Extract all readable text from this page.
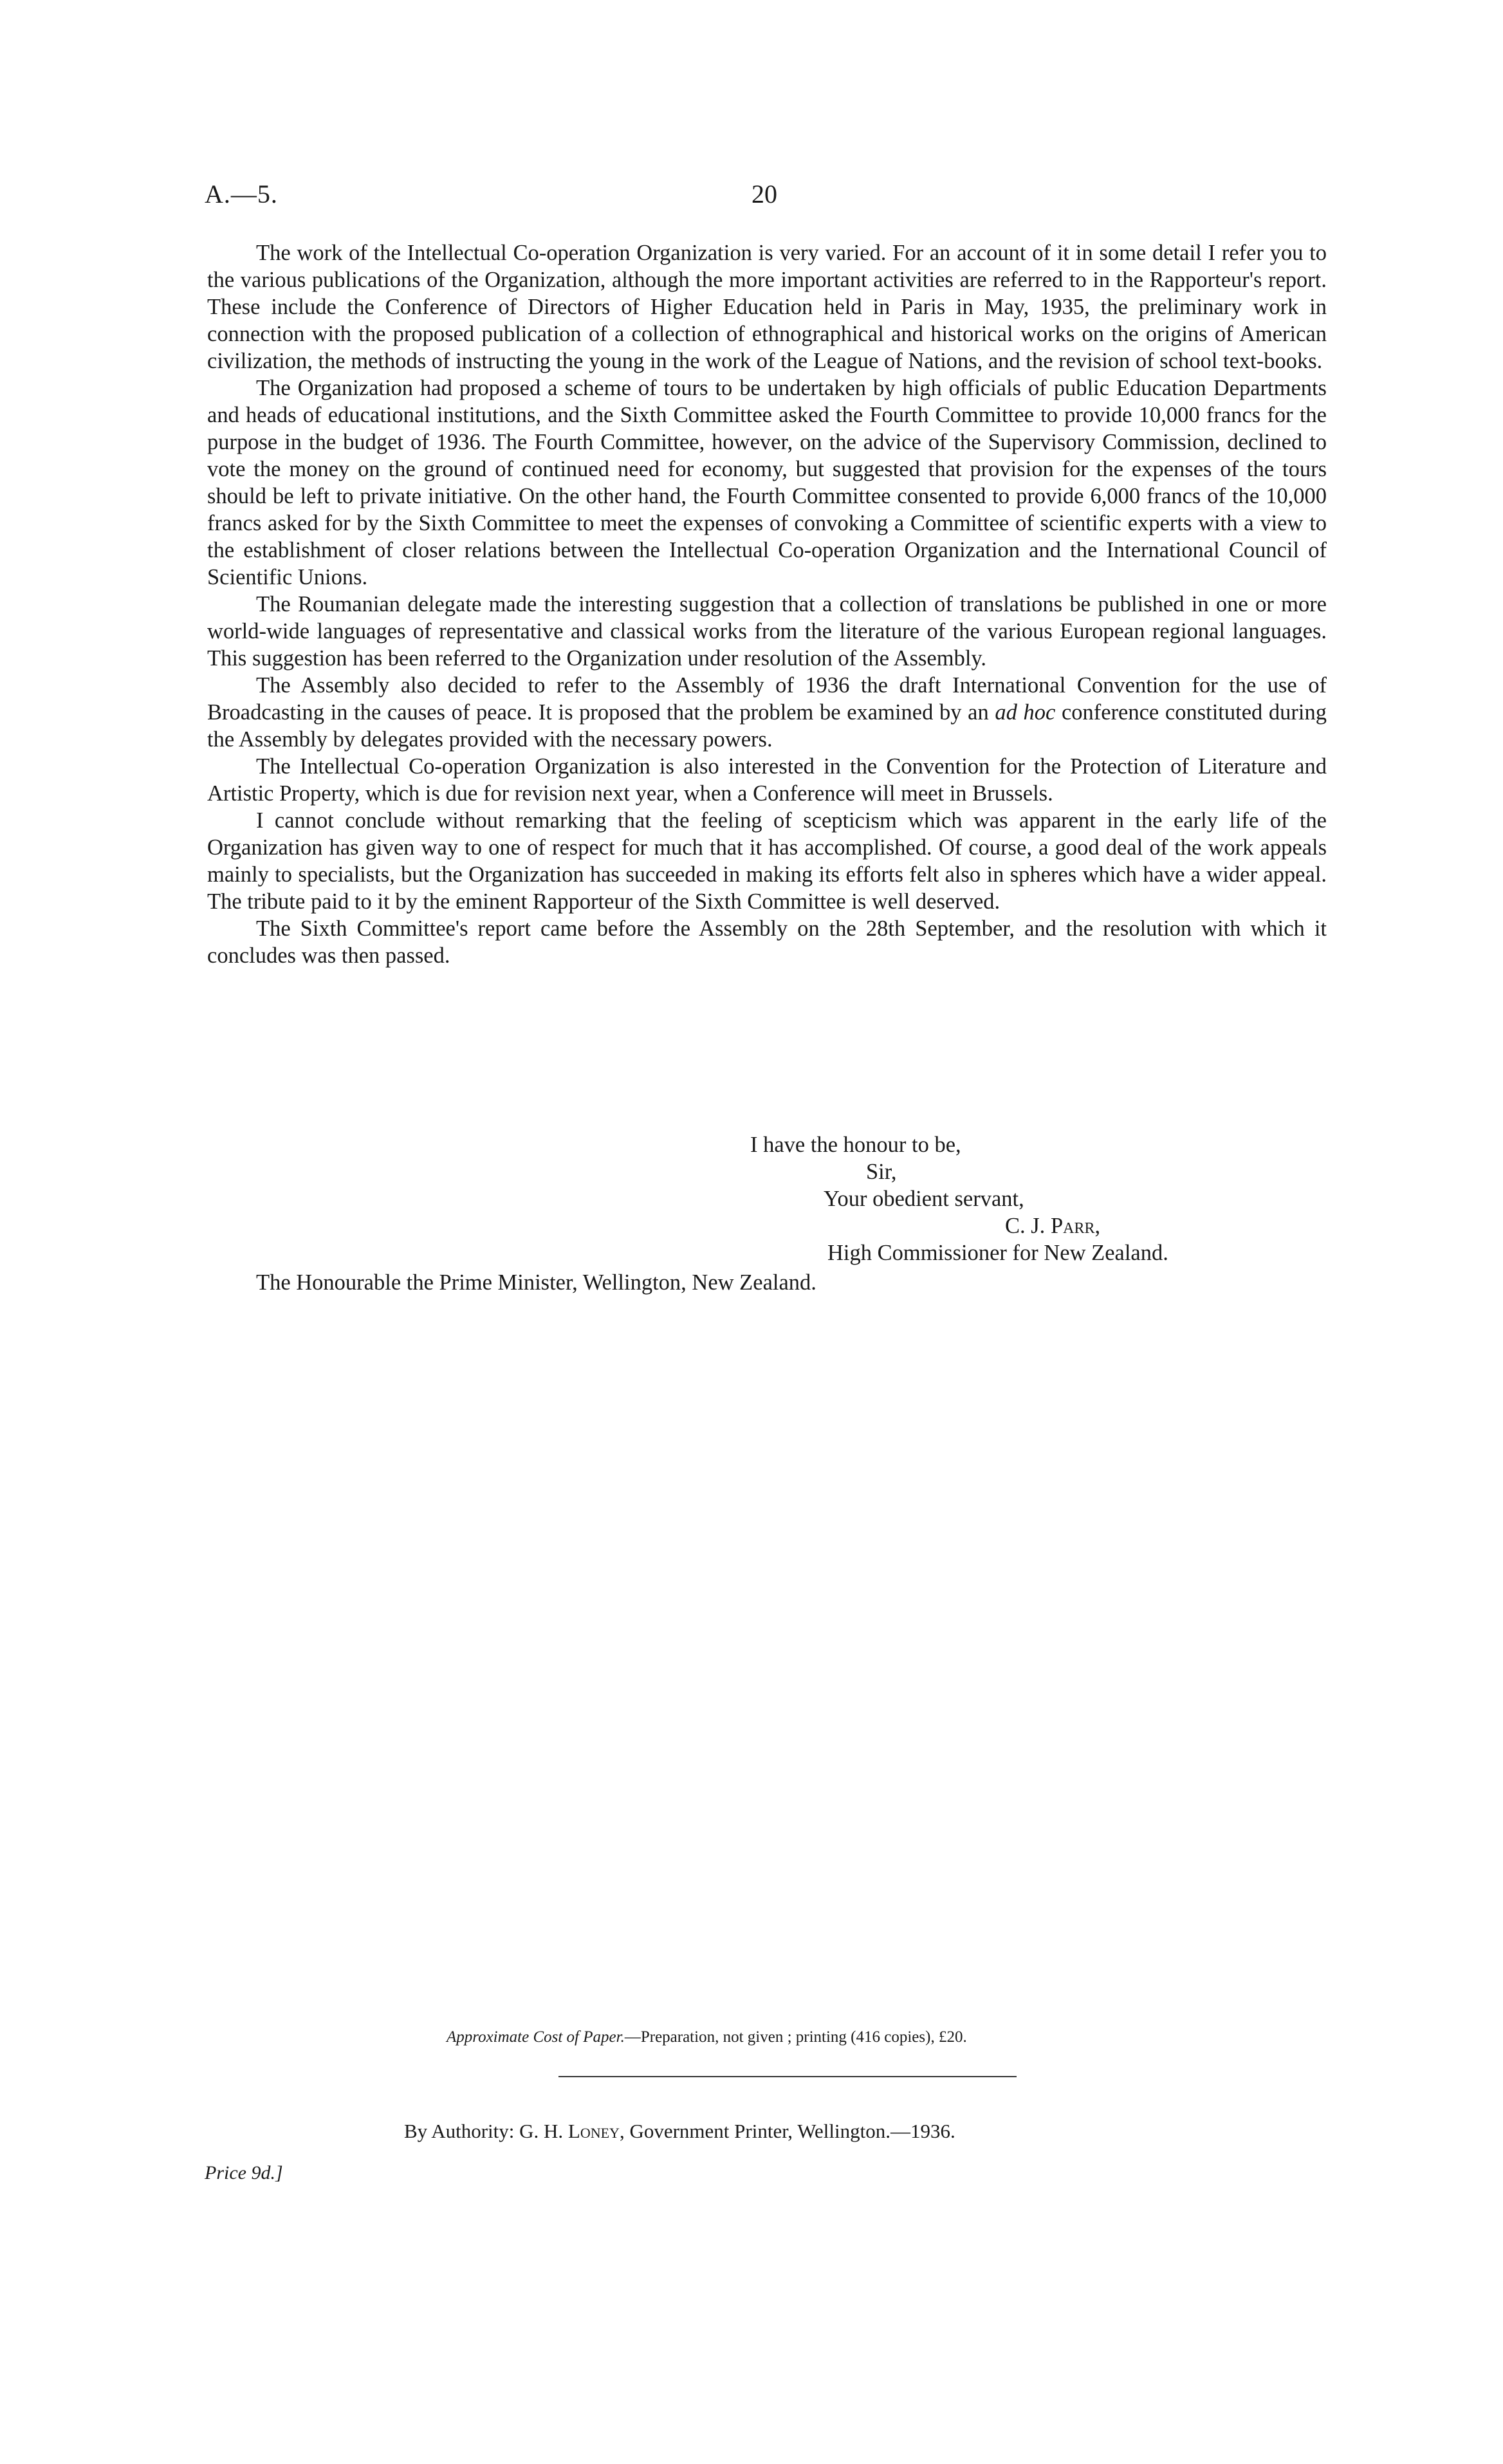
A.—5.	20

The work of the Intellectual Co-operation Organization is very varied. For an account of it in some detail I refer you to the various publications of the Organization, although the more important activities are referred to in the Rapporteur's report. These include the Conference of Directors of Higher Education held in Paris in May, 1935, the preliminary work in connection with the proposed publication of a collection of ethnographical and historical works on the origins of American civilization, the methods of instructing the young in the work of the League of Nations, and the revision of school text-books.

The Organization had proposed a scheme of tours to be undertaken by high officials of public Education Departments and heads of educational institutions, and the Sixth Committee asked the Fourth Committee to provide 10,000 francs for the purpose in the budget of 1936. The Fourth Committee, however, on the advice of the Supervisory Commission, declined to vote the money on the ground of continued need for economy, but suggested that provision for the expenses of the tours should be left to private initiative. On the other hand, the Fourth Committee consented to provide 6,000 francs of the 10,000 francs asked for by the Sixth Committee to meet the expenses of convoking a Committee of scientific experts with a view to the establishment of closer relations between the Intellectual Co-operation Organization and the International Council of Scientific Unions.

The Roumanian delegate made the interesting suggestion that a collection of translations be published in one or more world-wide languages of representative and classical works from the literature of the various European regional languages. This suggestion has been referred to the Organization under resolution of the Assembly.

The Assembly also decided to refer to the Assembly of 1936 the draft International Convention for the use of Broadcasting in the causes of peace. It is proposed that the problem be examined by an ad hoc conference constituted during the Assembly by delegates provided with the necessary powers.

The Intellectual Co-operation Organization is also interested in the Convention for the Protection of Literature and Artistic Property, which is due for revision next year, when a Conference will meet in Brussels.

I cannot conclude without remarking that the feeling of scepticism which was apparent in the early life of the Organization has given way to one of respect for much that it has accomplished. Of course, a good deal of the work appeals mainly to specialists, but the Organization has succeeded in making its efforts felt also in spheres which have a wider appeal. The tribute paid to it by the eminent Rapporteur of the Sixth Committee is well deserved.

The Sixth Committee's report came before the Assembly on the 28th September, and the resolution with which it concludes was then passed.

I have the honour to be,
Sir,
Your obedient servant,
C. J. Parr,
High Commissioner for New Zealand.
The Honourable the Prime Minister, Wellington, New Zealand.
Approximate Cost of Paper.—Preparation, not given ; printing (416 copies), £20.
By Authority: G. H. Loney, Government Printer, Wellington.—1936.
Price 9d.]
